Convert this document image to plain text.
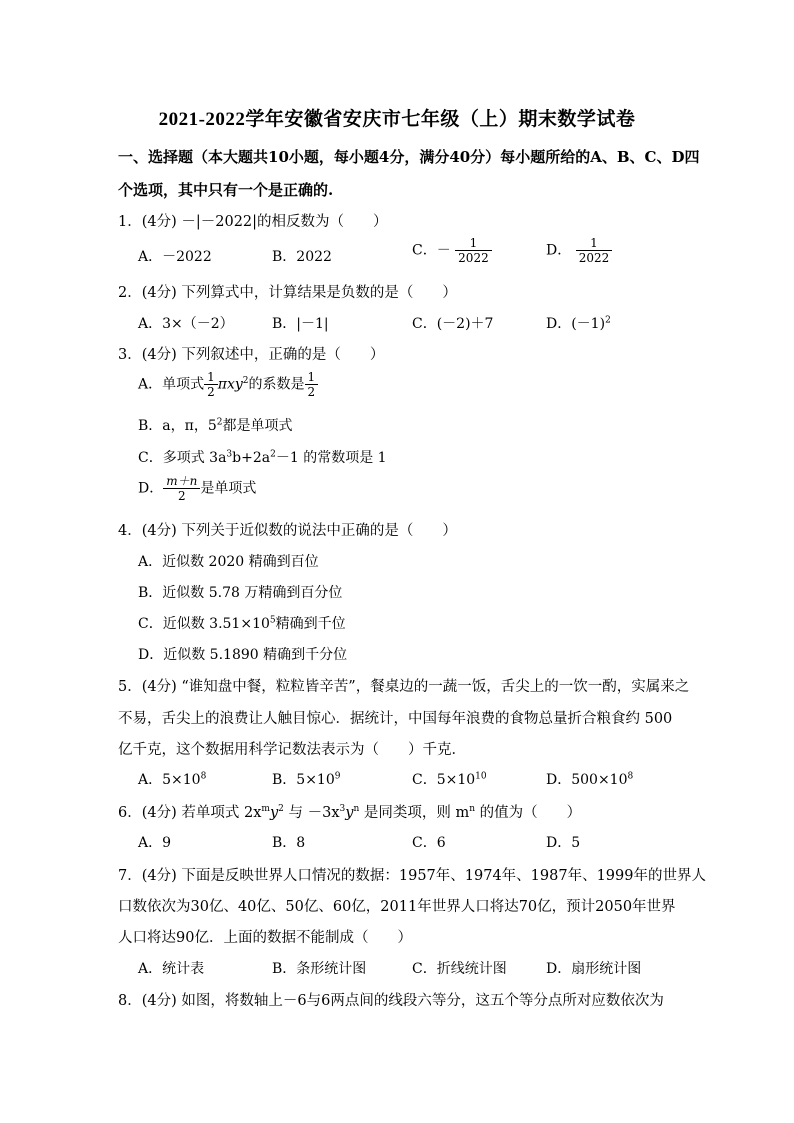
2021-2022学年安徽省安庆市七年级（上）期末数学试卷
一、选择题（本大题共10小题，每小题4分，满分40分）每小题所给的A、B、C、D四
个选项，其中只有一个是正确的.
1．(4分) －|－2022|的相反数为（　　）
A．－2022	B．2022	C．－ $\frac{1}{2022}$	D． $\frac{1}{2022}$
2．(4分) 下列算式中，计算结果是负数的是（　　）
A．3×（－2）	B．|－1|	C．(－2)＋7	D．$(-1)^2$
3．(4分) 下列叙述中，正确的是（　　）
A．单项式 $\frac{1}{2} \pi xy^2$的系数是 $\frac{1}{2}$
B．a，π，$5^2$都是单项式
C．多项式 $3a^3b+2a^2-1$ 的常数项是 1
D． $\frac{m+n}{2}$ 是单项式
4．(4分) 下列关于近似数的说法中正确的是（　　）
A．近似数 2020 精确到百位
B．近似数 5.78 万精确到百分位
C．近似数 $3.51\times 10^5$精确到千位
D．近似数 5.1890 精确到千分位
5．(4分) “谁知盘中餐，粒粒皆辛苦”，餐桌边的一蔬一饭，舌尖上的一饮一酌，实属来之
不易，舌尖上的浪费让人触目惊心．据统计，中国每年浪费的食物总量折合粮食约 500
亿千克，这个数据用科学记数法表示为（　　）千克．
A．$5\times 10^8$	B．$5\times 10^9$	C．$5\times 10^{10}$	D．$500\times 10^8$
6．(4分) 若单项式 $2x^my^2$ 与 $-3x^3y^n$ 是同类项，则 $m^n$ 的值为（　　）
A．9	B．8	C．6	D．5
7．(4分) 下面是反映世界人口情况的数据：1957年、1974年、1987年、1999年的世界人
口数依次为30亿、40亿、50亿、60亿，2011年世界人口将达70亿，预计2050年世界
人口将达90亿．上面的数据不能制成（　　）
A．统计表	B．条形统计图	C．折线统计图	D．扇形统计图
8．(4分) 如图，将数轴上－6与6两点间的线段六等分，这五个等分点所对应数依次为
